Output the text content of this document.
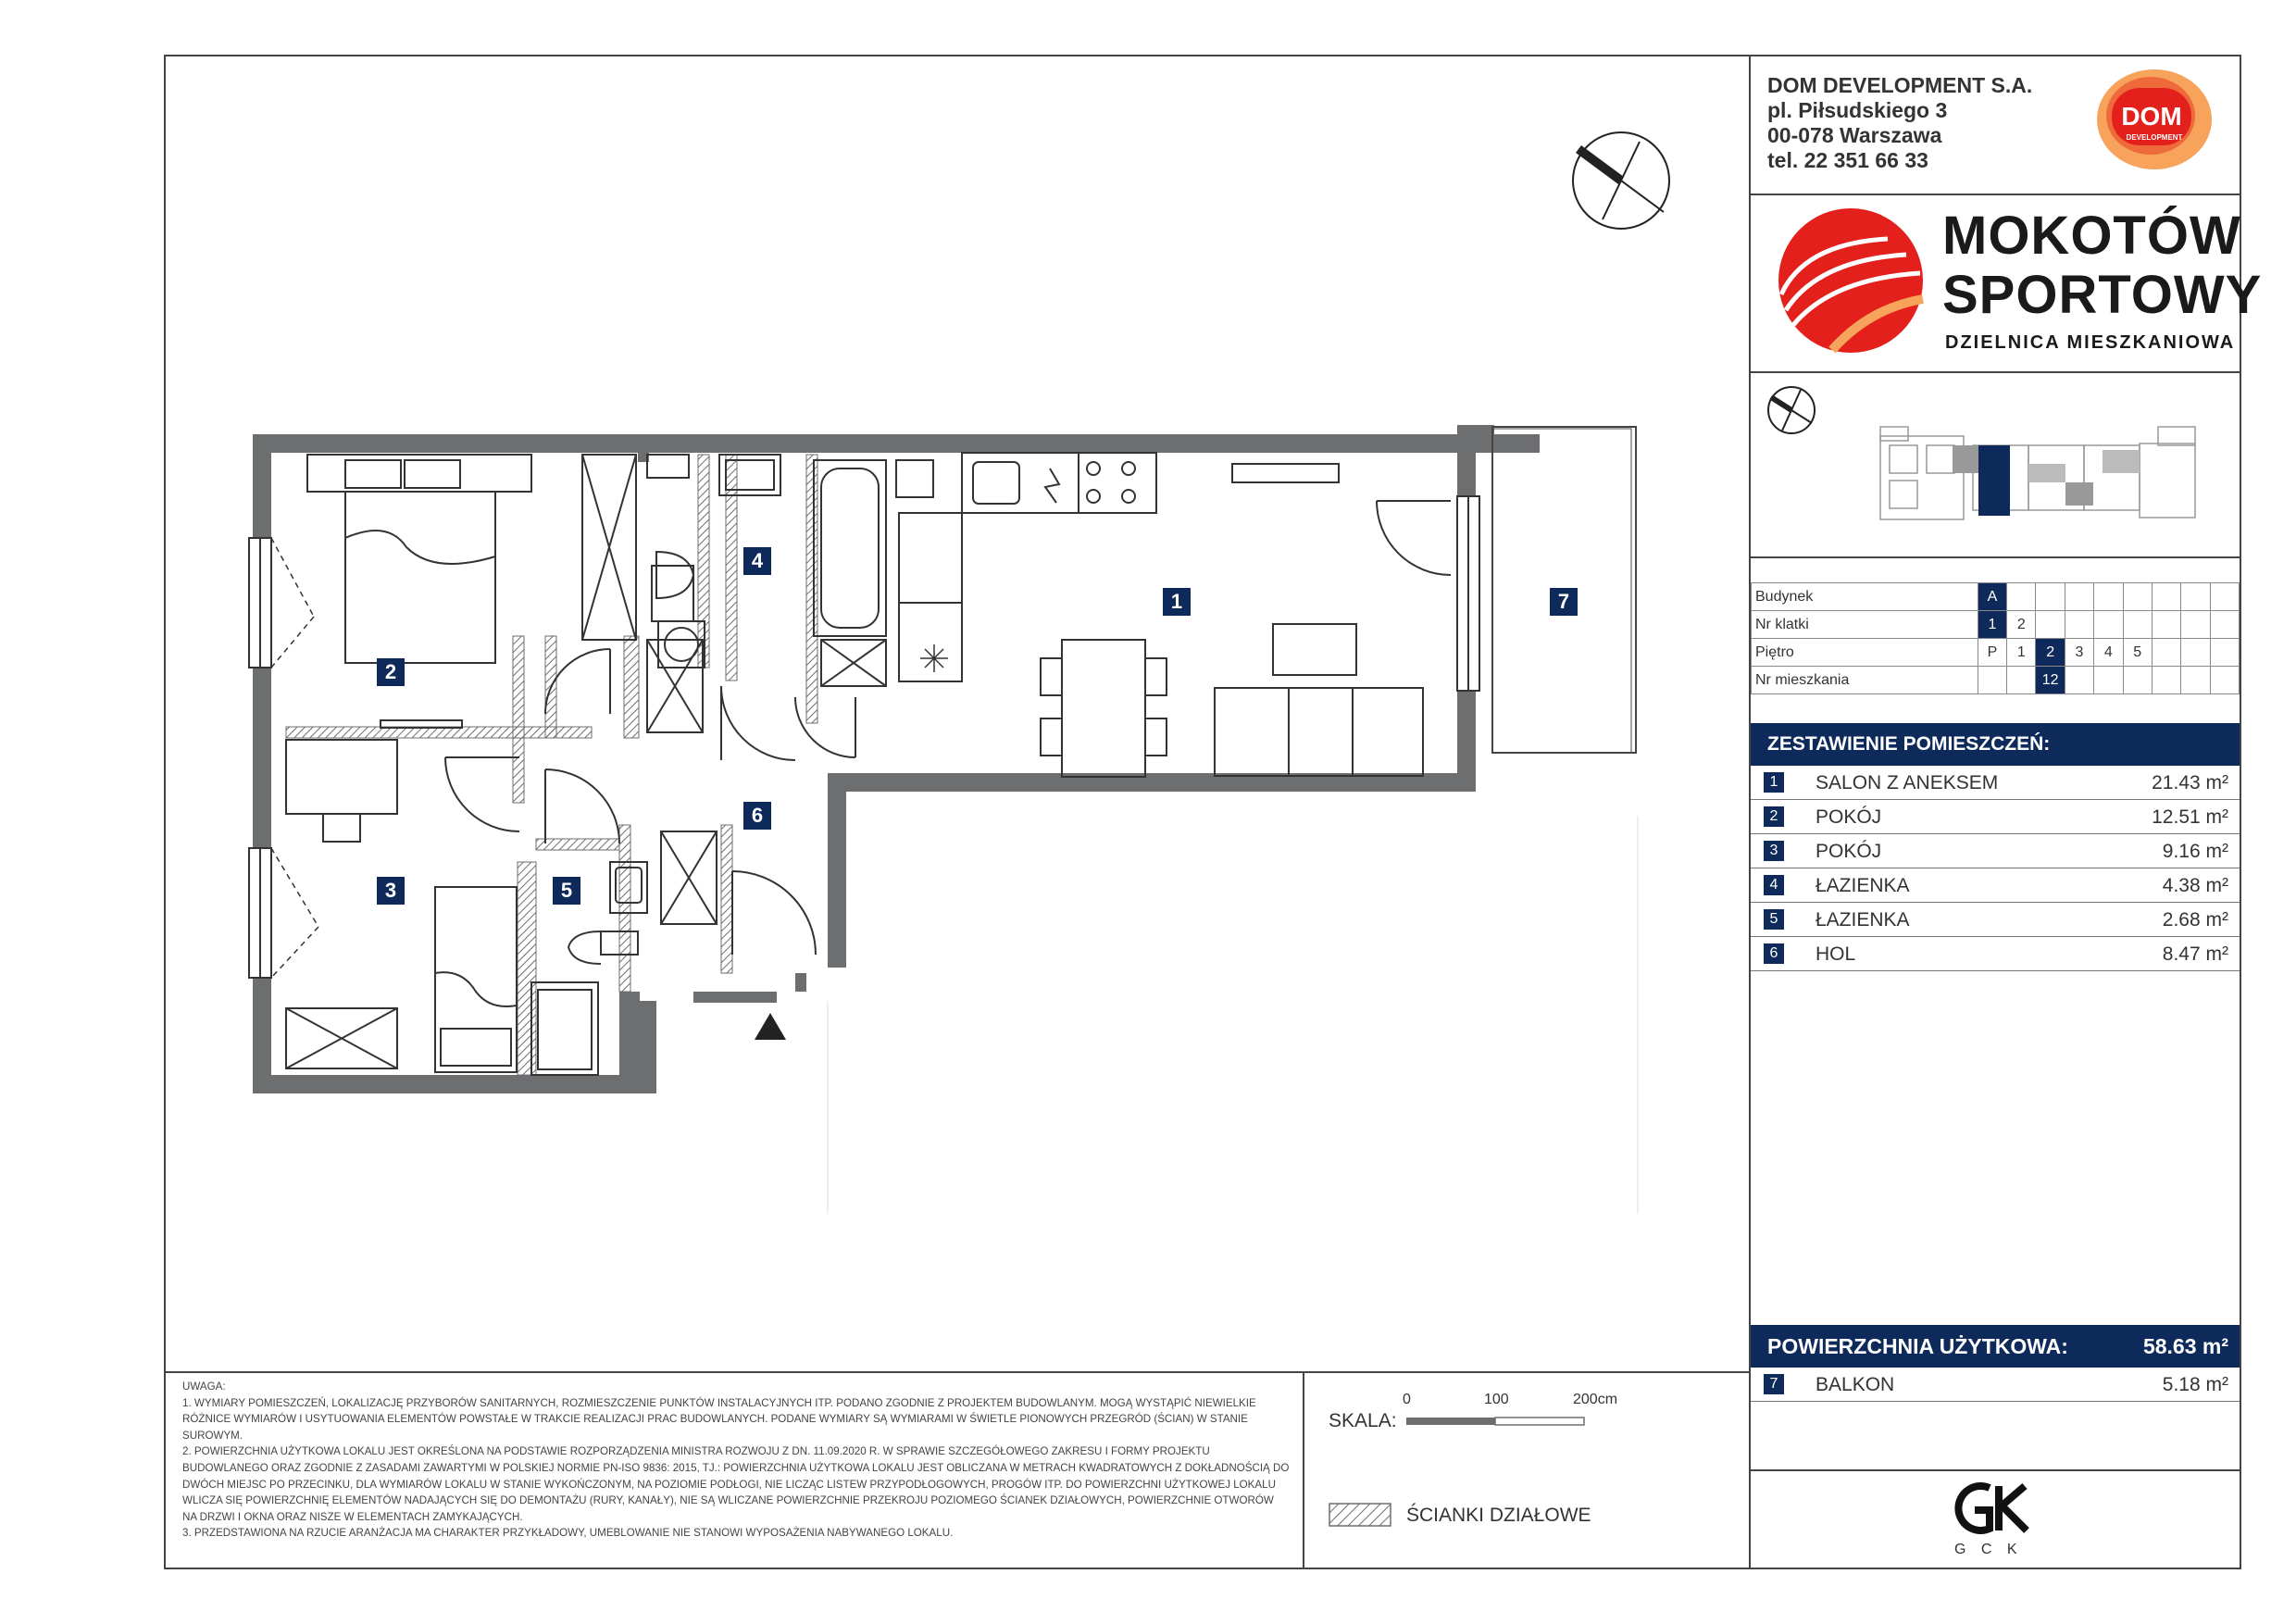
1
2
3
4
5
6
7

UWAGA:

1. WYMIARY POMIESZCZEŃ, LOKALIZACJĘ PRZYBORÓW SANITARNYCH, ROZMIESZCZENIE PUNKTÓW INSTALACYJNYCH ITP. PODANO ZGODNIE Z PROJEKTEM BUDOWLANYM. MOGĄ WYSTĄPIĆ NIEWIELKIE RÓŻNICE WYMIARÓW I USYTUOWANIA ELEMENTÓW POWSTAŁE W TRAKCIE REALIZACJI PRAC BUDOWLANYCH. PODANE WYMIARY SĄ WYMIARAMI W ŚWIETLE PIONOWYCH PRZEGRÓD (ŚCIAN) W STANIE SUROWYM.

2. POWIERZCHNIA UŻYTKOWA LOKALU JEST OKREŚLONA NA PODSTAWIE ROZPORZĄDZENIA MINISTRA ROZWOJU Z DN. 11.09.2020 R. W SPRAWIE SZCZEGÓŁOWEGO ZAKRESU I FORMY PROJEKTU BUDOWLANEGO ORAZ ZGODNIE Z ZASADAMI ZAWARTYMI W POLSKIEJ NORMIE PN-ISO 9836: 2015, TJ.: POWIERZCHNIA UŻYTKOWA LOKALU JEST OBLICZANA W METRACH KWADRATOWYCH Z DOKŁADNOŚCIĄ DO DWÓCH MIEJSC PO PRZECINKU, DLA WYMIARÓW LOKALU W STANIE WYKOŃCZONYM, NA POZIOMIE PODŁOGI, NIE LICZĄC LISTEW PRZYPODŁOGOWYCH, PROGÓW ITP. DO POWIERZCHNI UŻYTKOWEJ LOKALU WLICZA SIĘ POWIERZCHNIĘ ELEMENTÓW NADAJĄCYCH SIĘ DO DEMONTAŻU (RURY, KANAŁY), NIE SĄ WLICZANE POWIERZCHNIE PRZEKROJU POZIOMEGO ŚCIANEK DZIAŁOWYCH, POWIERZCHNIE OTWORÓW NA DRZWI I OKNA ORAZ NISZE W ELEMENTACH ZAMYKAJĄCYCH.

3. PRZEDSTAWIONA NA RZUCIE ARANŻACJA MA CHARAKTER PRZYKŁADOWY, UMEBLOWANIE NIE STANOWI WYPOSAŻENIA NABYWANEGO LOKALU.

SKALA:
0	100	200cm
ŚCIANKI DZIAŁOWE
DOM DEVELOPMENT S.A.
pl. Piłsudskiego 3
00-078 Warszawa
tel. 22 351 66 33
DOM
DEVELOPMENT
MOKOTÓW
SPORTOWY
DZIELNICA MIESZKANIOWA
Budynek	A								
Nr klatki	1	2							
Piętro	P	1	2	3	4	5			
Nr mieszkania			12						
ZESTAWIENIE POMIESZCZEŃ:
1	SALON Z ANEKSEM	21.43 m²
2	POKÓJ	12.51 m²
3	POKÓJ	9.16 m²
4	ŁAZIENKA	4.38 m²
5	ŁAZIENKA	2.68 m²
6	HOL	8.47 m²
POWIERZCHNIA UŻYTKOWA:	58.63 m²
7	BALKON	5.18 m²
G C K
